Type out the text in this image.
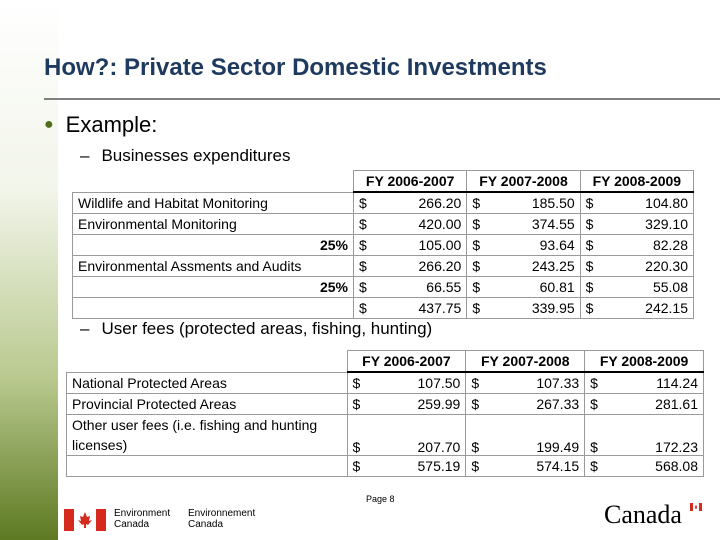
How?: Private Sector Domestic Investments
● Example:
– Businesses expenditures
	FY 2006-2007		FY 2007-2008		FY 2008-2009	
Wildlife and Habitat Monitoring	$	266.20	$	185.50	$	104.80
Environmental Monitoring	$	420.00	$	374.55	$	329.10
25%	$	105.00	$	93.64	$	82.28
Environmental Assments and Audits	$	266.20	$	243.25	$	220.30
25%	$	66.55	$	60.81	$	55.08
	$	437.75	$	339.95	$	242.15
– User fees (protected areas, fishing, hunting)
	FY 2006-2007		FY 2007-2008		FY 2008-2009	
National Protected Areas	$	107.50	$	107.33	$	114.24
Provincial Protected Areas	$	259.99	$	267.33	$	281.61
Other user fees (i.e. fishing and hunting licenses)	$	207.70	$	199.49	$	172.23
	$	575.19	$	574.15	$	568.08
Page 8
Environment
Canada
Environnement
Canada	Canada
